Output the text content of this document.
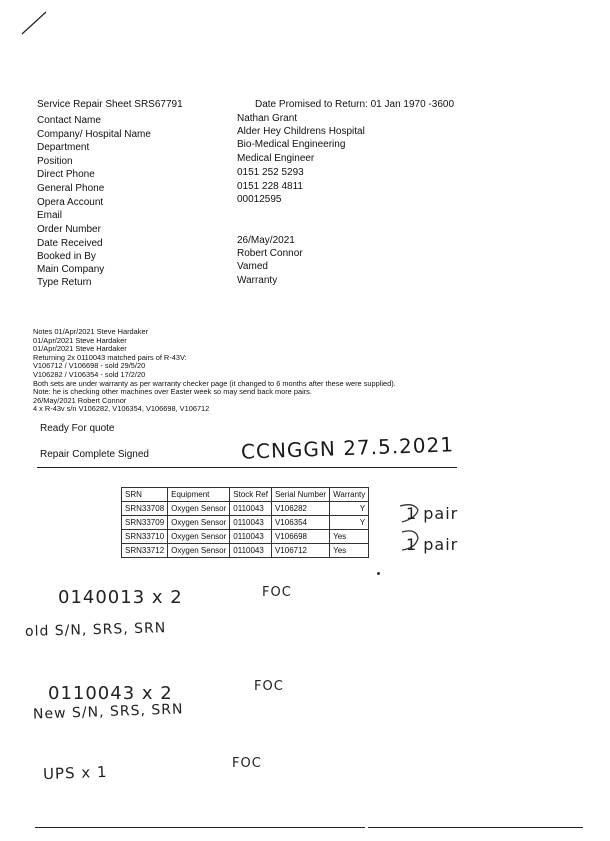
Service Repair Sheet SRS67791	Date Promised to Return: 01 Jan 1970 -3600
Contact Name	Nathan Grant
Company/ Hospital Name	Alder Hey Childrens Hospital
Department	Bio-Medical Engineering
Position	Medical Engineer
Direct Phone	0151 252 5293
General Phone	0151 228 4811
Opera Account	00012595
Email
Order Number
Date Received	26/May/2021
Booked in By	Robert Connor
Main Company	Vamed
Type Return	Warranty
Notes 01/Apr/2021 Steve Hardaker
01/Apr/2021 Steve Hardaker
01/Apr/2021 Steve Hardaker
Returning 2x 0110043 matched pairs of R-43V:
V106712 / V106698 - sold 29/5/20
V106282 / V106354 - sold 17/2/20
Both sets are under warranty as per warranty checker page (it changed to 6 months after these were supplied).
Note: he is checking other machines over Easter week so may send back more pairs.
26/May/2021 Robert Connor
4 x R-43v s/n V106282, V106354, V106698, V106712
Ready For quote
Repair Complete Signed	CCNGGN 27.5.2021
SRN	Equipment	Stock Ref	Serial Number	Warranty
SRN33708	Oxygen Sensor	0110043	V106282	Y
SRN33709	Oxygen Sensor	0110043	V106354	Y
SRN33710	Oxygen Sensor	0110043	V106698	Yes
SRN33712	Oxygen Sensor	0110043	V106712	Yes
1 pair
1 pair
0140013 x 2	FOC
old S/N, SRS, SRN
0110043 x 2	FOC
New S/N, SRS, SRN
UPS x 1	FOC
